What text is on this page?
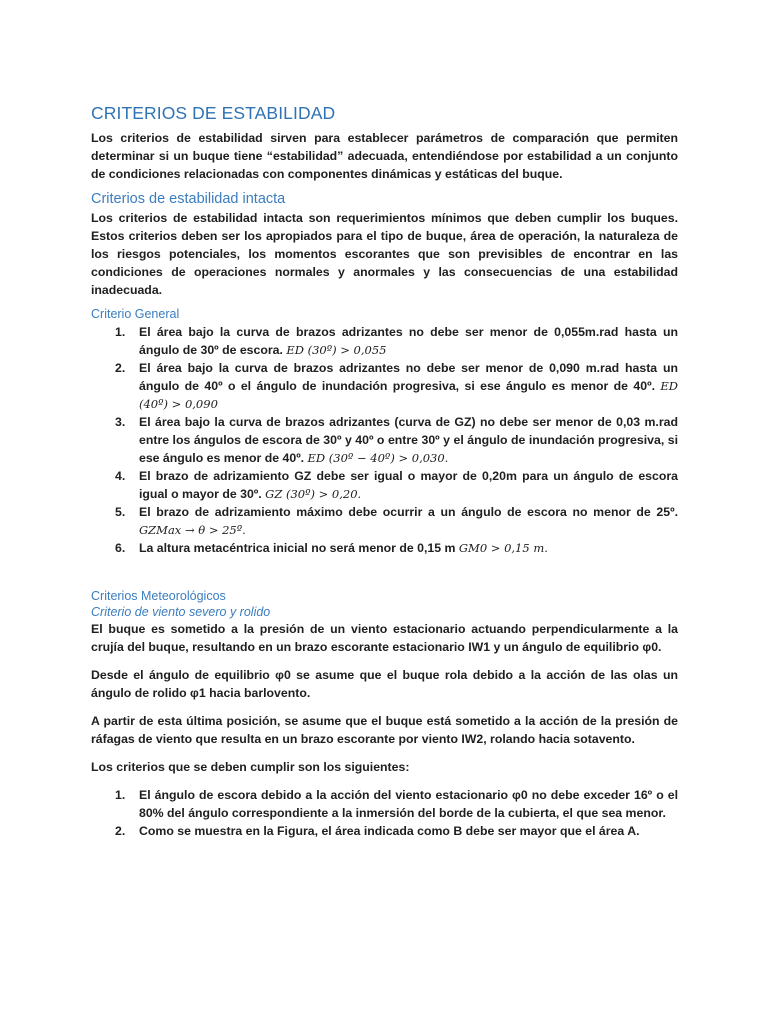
CRITERIOS DE ESTABILIDAD

Los criterios de estabilidad sirven para establecer parámetros de comparación que permiten determinar si un buque tiene “estabilidad” adecuada, entendiéndose por estabilidad a un conjunto de condiciones relacionadas con componentes dinámicas y estáticas del buque.

Criterios de estabilidad intacta

Los criterios de estabilidad intacta son requerimientos mínimos que deben cumplir los buques. Estos criterios deben ser los apropiados para el tipo de buque, área de operación, la naturaleza de los riesgos potenciales, los momentos escorantes que son previsibles de encontrar en las condiciones de operaciones normales y anormales y las consecuencias de una estabilidad inadecuada.

Criterio General
1. El área bajo la curva de brazos adrizantes no debe ser menor de 0,055m.rad hasta un ángulo de 30º de escora. ED (30º) > 0,055
2. El área bajo la curva de brazos adrizantes no debe ser menor de 0,090 m.rad hasta un ángulo de 40º o el ángulo de inundación progresiva, si ese ángulo es menor de 40º. ED (40º) > 0,090
3. El área bajo la curva de brazos adrizantes (curva de GZ) no debe ser menor de 0,03 m.rad entre los ángulos de escora de 30º y 40º o entre 30º y el ángulo de inundación progresiva, si ese ángulo es menor de 40º. ED (30º − 40º) > 0,030.
4. El brazo de adrizamiento GZ debe ser igual o mayor de 0,20m para un ángulo de escora igual o mayor de 30º. GZ (30º) > 0,20.
5. El brazo de adrizamiento máximo debe ocurrir a un ángulo de escora no menor de 25º. GZMax → θ > 25º.
6. La altura metacéntrica inicial no será menor de 0,15 m GM0 > 0,15 m.
Criterios Meteorológicos
Criterio de viento severo y rolido

El buque es sometido a la presión de un viento estacionario actuando perpendicularmente a la crujía del buque, resultando en un brazo escorante estacionario IW1 y un ángulo de equilibrio φ0.

Desde el ángulo de equilibrio φ0 se asume que el buque rola debido a la acción de las olas un ángulo de rolido φ1 hacia barlovento.

A partir de esta última posición, se asume que el buque está sometido a la acción de la presión de ráfagas de viento que resulta en un brazo escorante por viento IW2, rolando hacia sotavento.

Los criterios que se deben cumplir son los siguientes:

1. El ángulo de escora debido a la acción del viento estacionario φ0 no debe exceder 16º o el 80% del ángulo correspondiente a la inmersión del borde de la cubierta, el que sea menor.
2. Como se muestra en la Figura, el área indicada como B debe ser mayor que el área A.
